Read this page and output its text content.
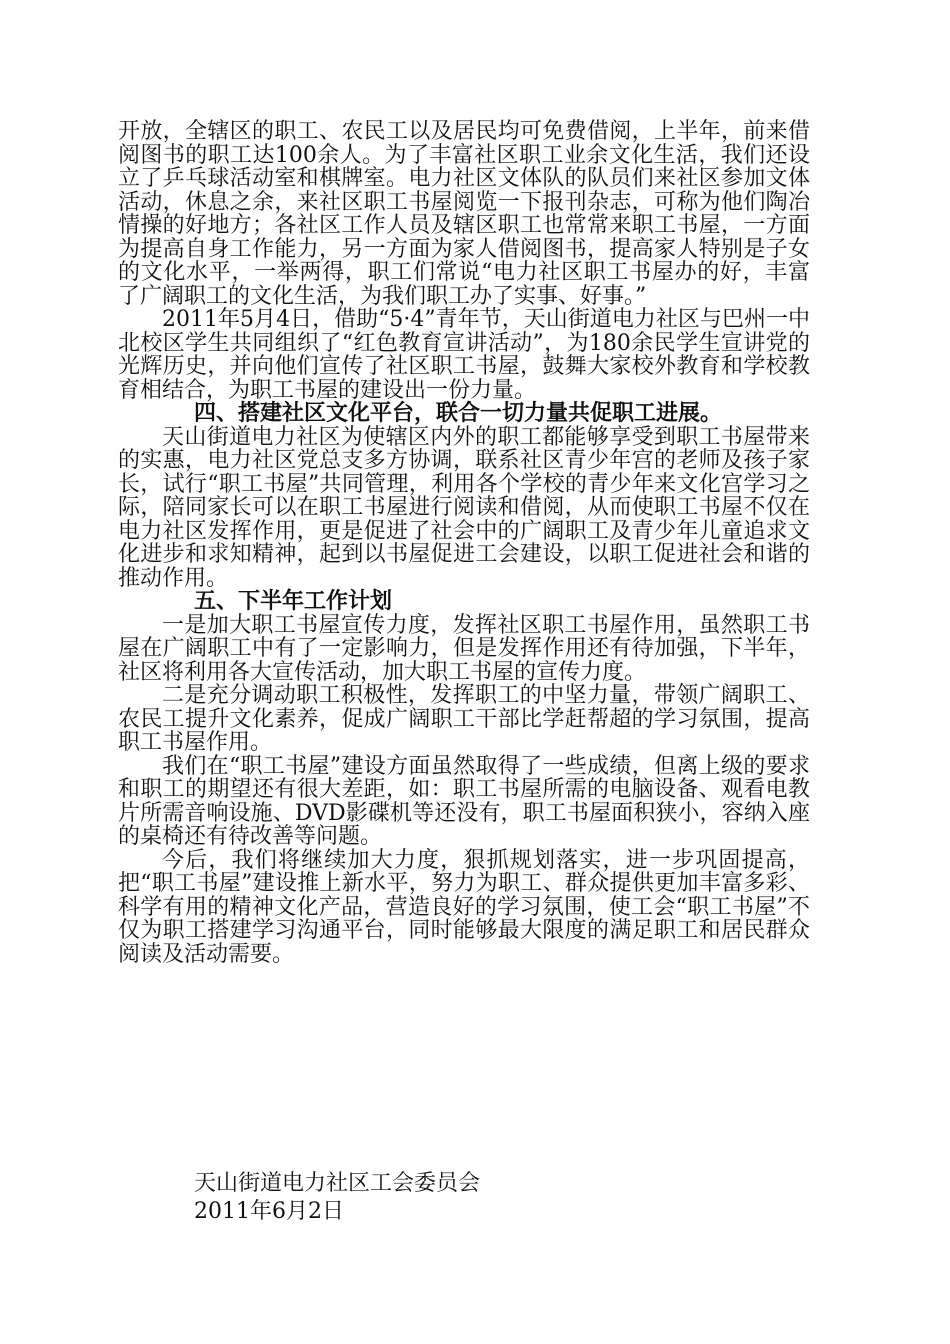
开放，全辖区的职工、农民工以及居民均可免费借阅，上半年，前来借阅图书的职工达100余人。为了丰富社区职工业余文化生活，我们还设立了乒乓球活动室和棋牌室。电力社区文体队的队员们来社区参加文体活动，休息之余，来社区职工书屋阅览一下报刊杂志，可称为他们陶冶情操的好地方；各社区工作人员及辖区职工也常常来职工书屋，一方面为提高自身工作能力，另一方面为家人借阅图书，提高家人特别是子女的文化水平，一举两得，职工们常说“电力社区职工书屋办的好，丰富了广阔职工的文化生活，为我们职工办了实事、好事。”

2011年5月4日，借助“5·4”青年节，天山街道电力社区与巴州一中北校区学生共同组织了“红色教育宣讲活动”，为180余民学生宣讲党的光辉历史，并向他们宣传了社区职工书屋，鼓舞大家校外教育和学校教育相结合，为职工书屋的建设出一份力量。

四、搭建社区文化平台，联合一切力量共促职工进展。

天山街道电力社区为使辖区内外的职工都能够享受到职工书屋带来的实惠，电力社区党总支多方协调，联系社区青少年宫的老师及孩子家长，试行“职工书屋”共同管理，利用各个学校的青少年来文化宫学习之际，陪同家长可以在职工书屋进行阅读和借阅，从而使职工书屋不仅在电力社区发挥作用，更是促进了社会中的广阔职工及青少年儿童追求文化进步和求知精神，起到以书屋促进工会建设，以职工促进社会和谐的推动作用。

五、下半年工作计划

一是加大职工书屋宣传力度，发挥社区职工书屋作用，虽然职工书屋在广阔职工中有了一定影响力，但是发挥作用还有待加强，下半年，社区将利用各大宣传活动，加大职工书屋的宣传力度。

二是充分调动职工积极性，发挥职工的中坚力量，带领广阔职工、农民工提升文化素养，促成广阔职工干部比学赶帮超的学习氛围，提高职工书屋作用。

我们在“职工书屋”建设方面虽然取得了一些成绩，但离上级的要求和职工的期望还有很大差距，如：职工书屋所需的电脑设备、观看电教片所需音响设施、DVD影碟机等还没有，职工书屋面积狭小，容纳入座的桌椅还有待改善等问题。

今后，我们将继续加大力度，狠抓规划落实，进一步巩固提高，把“职工书屋”建设推上新水平，努力为职工、群众提供更加丰富多彩、科学有用的精神文化产品，营造良好的学习氛围，使工会“职工书屋”不仅为职工搭建学习沟通平台，同时能够最大限度的满足职工和居民群众阅读及活动需要。

天山街道电力社区工会委员会
2011年6月2日
